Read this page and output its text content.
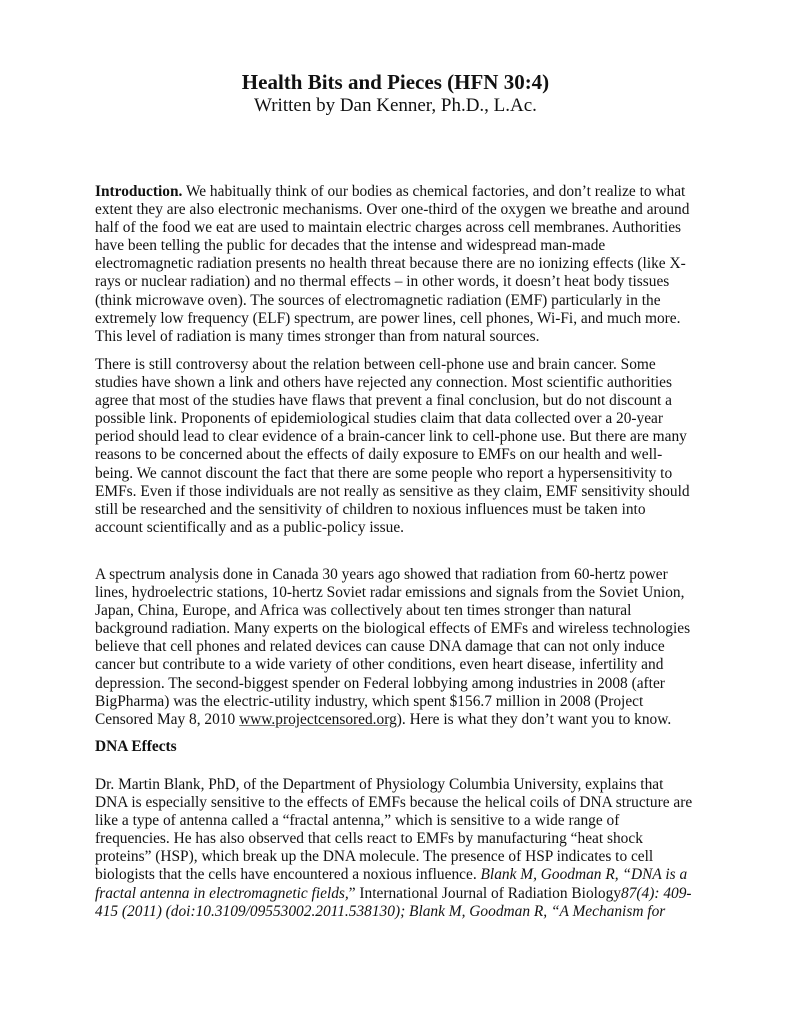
Health Bits and Pieces (HFN 30:4)
Written by Dan Kenner, Ph.D., L.Ac.
Introduction. We habitually think of our bodies as chemical factories, and don’t realize to what
extent they are also electronic mechanisms. Over one-third of the oxygen we breathe and around
half of the food we eat are used to maintain electric charges across cell membranes. Authorities
have been telling the public for decades that the intense and widespread man-made
electromagnetic radiation presents no health threat because there are no ionizing effects (like X-
rays or nuclear radiation) and no thermal effects – in other words, it doesn’t heat body tissues
(think microwave oven). The sources of electromagnetic radiation (EMF) particularly in the
extremely low frequency (ELF) spectrum, are power lines, cell phones, Wi-Fi, and much more.
This level of radiation is many times stronger than from natural sources.
There is still controversy about the relation between cell-phone use and brain cancer. Some
studies have shown a link and others have rejected any connection. Most scientific authorities
agree that most of the studies have flaws that prevent a final conclusion, but do not discount a
possible link. Proponents of epidemiological studies claim that data collected over a 20-year
period should lead to clear evidence of a brain-cancer link to cell-phone use. But there are many
reasons to be concerned about the effects of daily exposure to EMFs on our health and well-
being. We cannot discount the fact that there are some people who report a hypersensitivity to
EMFs. Even if those individuals are not really as sensitive as they claim, EMF sensitivity should
still be researched and the sensitivity of children to noxious influences must be taken into
account scientifically and as a public-policy issue.
A spectrum analysis done in Canada 30 years ago showed that radiation from 60-hertz power
lines, hydroelectric stations, 10-hertz Soviet radar emissions and signals from the Soviet Union,
Japan, China, Europe, and Africa was collectively about ten times stronger than natural
background radiation. Many experts on the biological effects of EMFs and wireless technologies
believe that cell phones and related devices can cause DNA damage that can not only induce
cancer but contribute to a wide variety of other conditions, even heart disease, infertility and
depression. The second-biggest spender on Federal lobbying among industries in 2008 (after
BigPharma) was the electric-utility industry, which spent $156.7 million in 2008 (Project
Censored May 8, 2010 www.projectcensored.org). Here is what they don’t want you to know.
DNA Effects
Dr. Martin Blank, PhD, of the Department of Physiology Columbia University, explains that
DNA is especially sensitive to the effects of EMFs because the helical coils of DNA structure are
like a type of antenna called a “fractal antenna,” which is sensitive to a wide range of
frequencies. He has also observed that cells react to EMFs by manufacturing “heat shock
proteins” (HSP), which break up the DNA molecule. The presence of HSP indicates to cell
biologists that the cells have encountered a noxious influence. Blank M, Goodman R, “DNA is a
fractal antenna in electromagnetic fields,” International Journal of Radiation Biology87(4): 409-
415 (2011) (doi:10.3109/09553002.2011.538130); Blank M, Goodman R, “A Mechanism for
